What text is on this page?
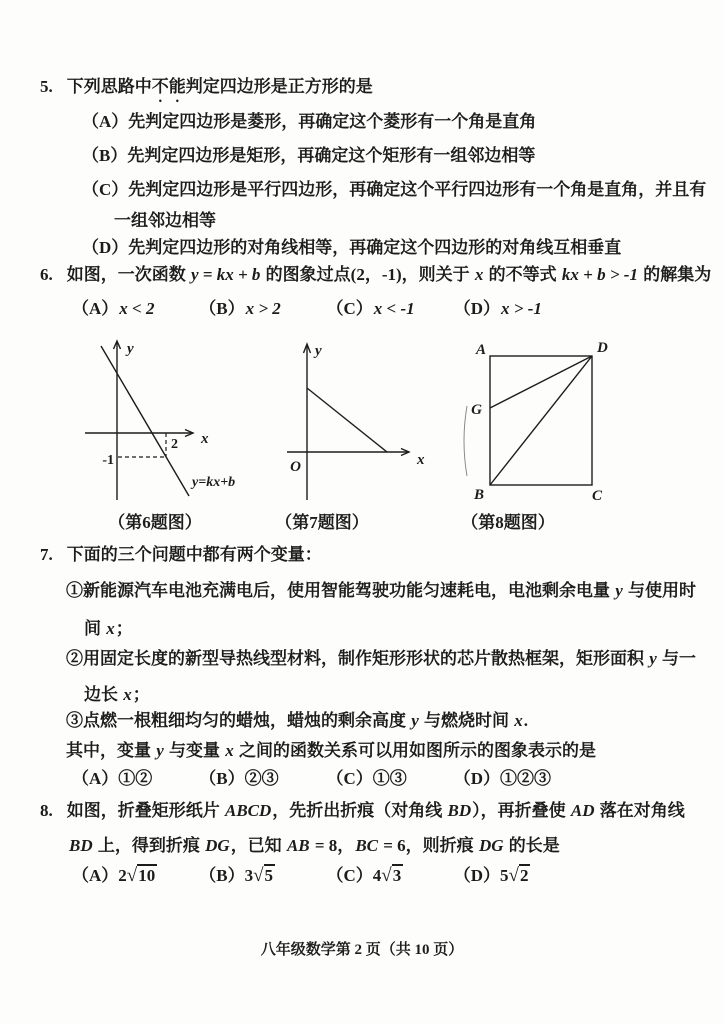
5. 下列思路中不能判定四边形是正方形的是
（A）先判定四边形是菱形，再确定这个菱形有一个角是直角
（B）先判定四边形是矩形，再确定这个矩形有一组邻边相等
（C）先判定四边形是平行四边形，再确定这个平行四边形有一个角是直角，并且有
一组邻边相等
（D）先判定四边形的对角线相等，再确定这个四边形的对角线互相垂直
6. 如图，一次函数 y = kx + b 的图象过点(2，-1)，则关于 x 的不等式 kx + b > -1 的解集为
（A）x < 2	（B）x > 2	（C）x < -1 （D）x > -1
y
x
2
-1
y=kx+b
（第6题图）
y
x
O
（第7题图）
A	D
B	C
G
（第8题图）
7. 下面的三个问题中都有两个变量：
①新能源汽车电池充满电后，使用智能驾驶功能匀速耗电，电池剩余电量 y 与使用时
间 x；
②用固定长度的新型导热线型材料，制作矩形形状的芯片散热框架，矩形面积 y 与一
边长 x；
③点燃一根粗细均匀的蜡烛，蜡烛的剩余高度 y 与燃烧时间 x.
其中，变量 y 与变量 x 之间的函数关系可以用如图所示的图象表示的是
（A）①②	（B）②③	（C）①③	（D）①②③
8. 如图，折叠矩形纸片 ABCD，先折出折痕（对角线 BD），再折叠使 AD 落在对角线
BD 上，得到折痕 DG，已知 AB = 8，BC = 6，则折痕 DG 的长是
（A）2√10	（B）3√5	（C）4√3	（D）5√2
八年级数学第 2 页（共 10 页）
